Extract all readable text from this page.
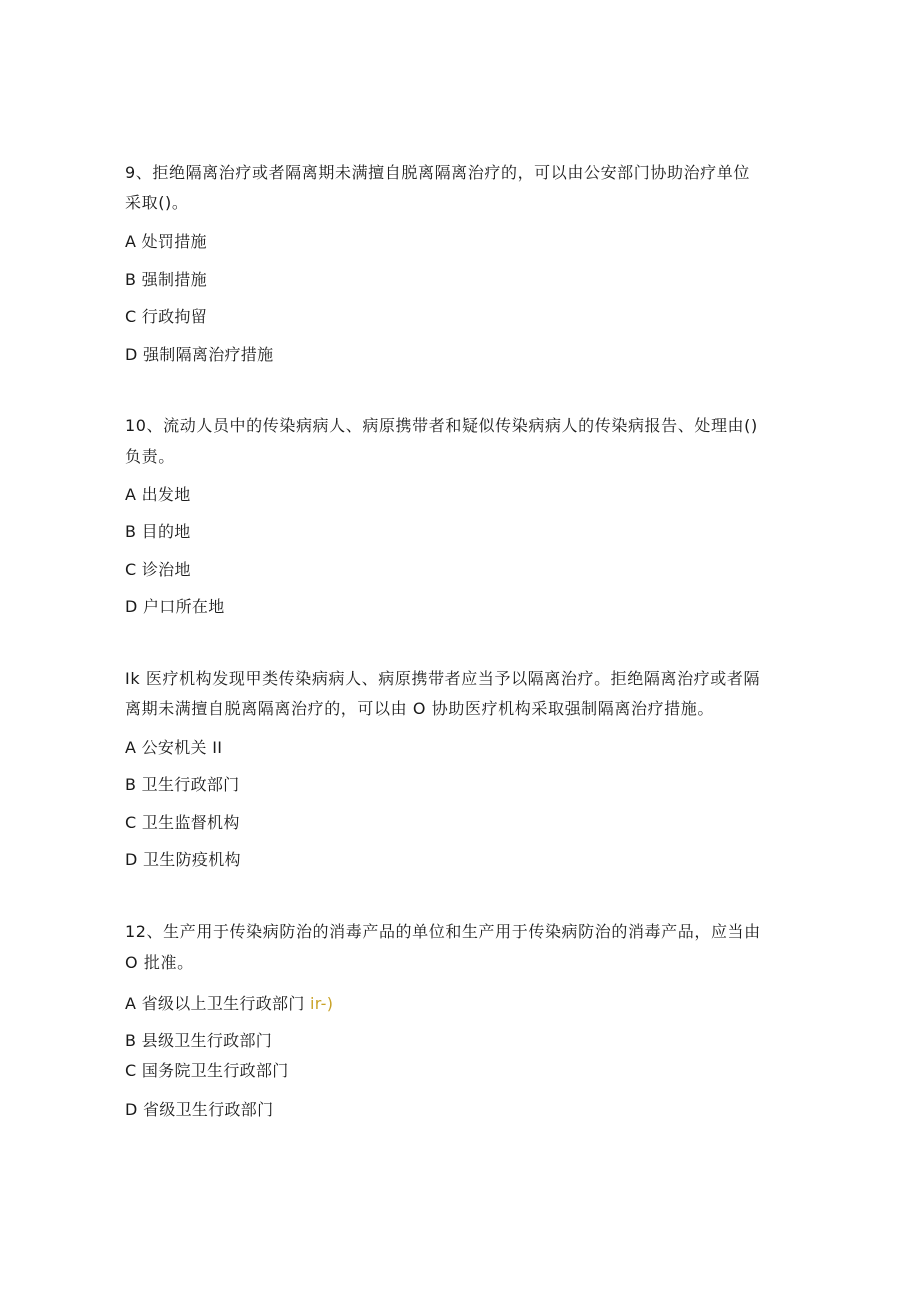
9、拒绝隔离治疗或者隔离期未满擅自脱离隔离治疗的，可以由公安部门协助治疗单位
采取()。
A 处罚措施
B 强制措施
C 行政拘留
D 强制隔离治疗措施
10、流动人员中的传染病病人、病原携带者和疑似传染病病人的传染病报告、处理由()
负责。
A 出发地
B 目的地
C 诊治地
D 户口所在地
Ik 医疗机构发现甲类传染病病人、病原携带者应当予以隔离治疗。拒绝隔离治疗或者隔
离期未满擅自脱离隔离治疗的，可以由 O 协助医疗机构采取强制隔离治疗措施。
A 公安机关 II
B 卫生行政部门
C 卫生监督机构
D 卫生防疫机构
12、生产用于传染病防治的消毒产品的单位和生产用于传染病防治的消毒产品，应当由
O 批准。
A 省级以上卫生行政部门 ir-)
B 县级卫生行政部门
C 国务院卫生行政部门
D 省级卫生行政部门
